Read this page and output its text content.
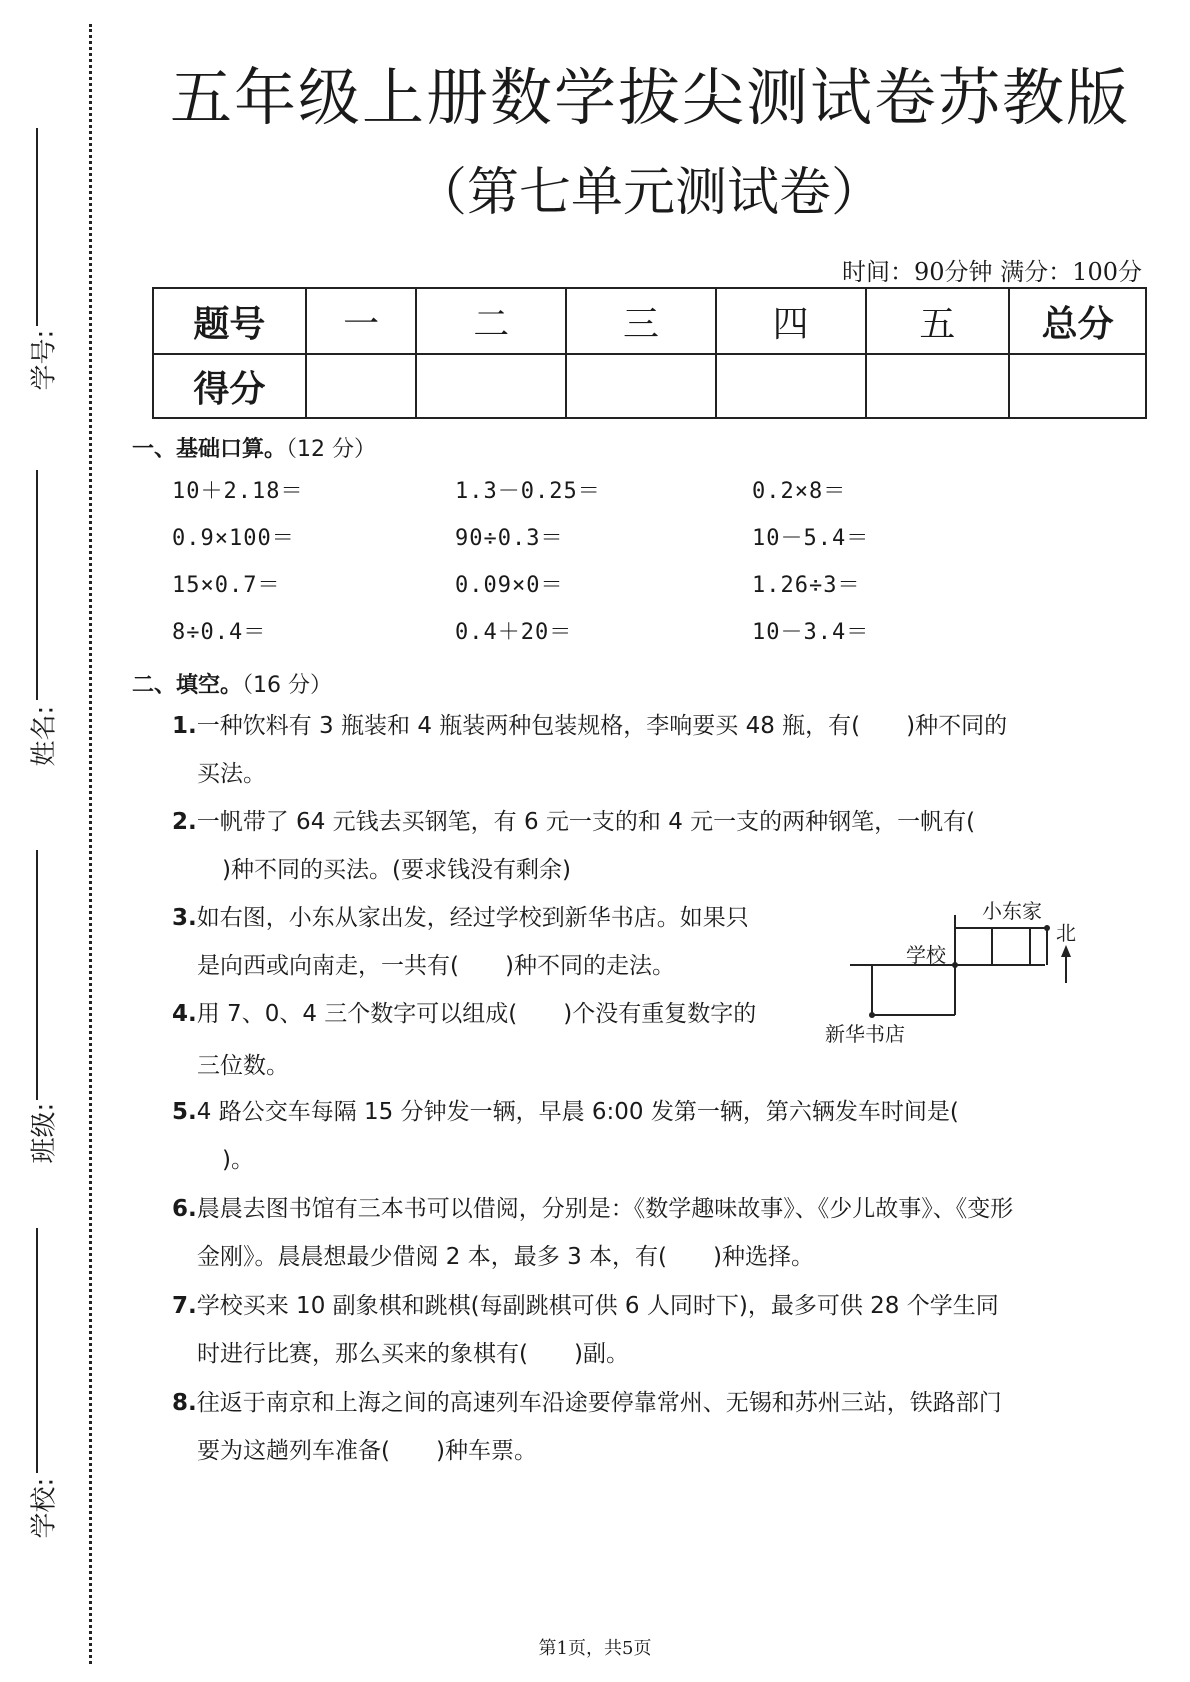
学号:
姓名:
班级:
学校:
五年级上册数学拔尖测试卷苏教版
（第七单元测试卷）
时间：90分钟 满分：100分
题号	一	二	三	四	五	总分
得分						
一、基础口算。（12 分）
10＋2.18＝	1.3－0.25＝	0.2×8＝
0.9×100＝	90÷0.3＝	10－5.4＝
15×0.7＝	0.09×0＝	1.26÷3＝
8÷0.4＝	0.4＋20＝	10－3.4＝
二、填空。（16 分）
1.一种饮料有 3 瓶装和 4 瓶装两种包装规格，李响要买 48 瓶，有(　　)种不同的
买法。
2.一帆带了 64 元钱去买钢笔，有 6 元一支的和 4 元一支的两种钢笔，一帆有(
)种不同的买法。(要求钱没有剩余)
3.如右图，小东从家出发，经过学校到新华书店。如果只
是向西或向南走，一共有(　　)种不同的走法。
4.用 7、0、4 三个数字可以组成(　　)个没有重复数字的
三位数。
小东家
学校
新华书店
北
5.4 路公交车每隔 15 分钟发一辆，早晨 6:00 发第一辆，第六辆发车时间是(
)。
6.晨晨去图书馆有三本书可以借阅，分别是：《数学趣味故事》、《少儿故事》、《变形
金刚》。晨晨想最少借阅 2 本，最多 3 本，有(　　)种选择。
7.学校买来 10 副象棋和跳棋(每副跳棋可供 6 人同时下)，最多可供 28 个学生同
时进行比赛，那么买来的象棋有(　　)副。
8.往返于南京和上海之间的高速列车沿途要停靠常州、无锡和苏州三站，铁路部门
要为这趟列车准备(　　)种车票。
第1页，共5页
